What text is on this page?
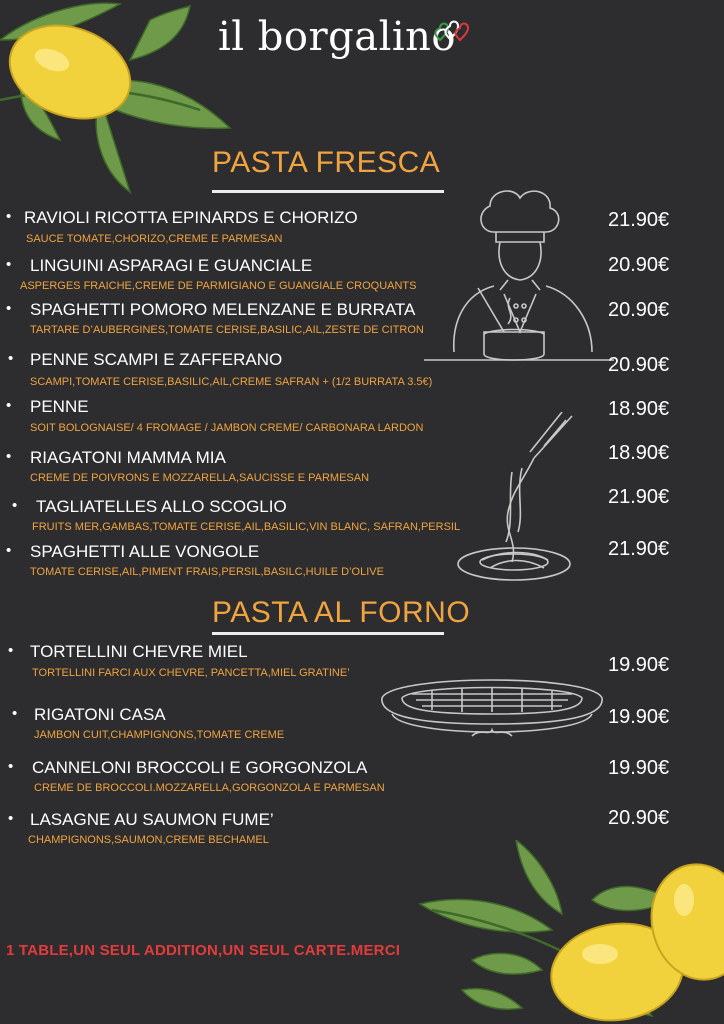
il borgalino
PASTA FRESCA
PASTA AL FORNO
• RAVIOLI RICOTTA EPINARDS E CHORIZO
SAUCE TOMATE,CHORIZO,CREME E PARMESAN
21.90€
• LINGUINI ASPARAGI E GUANCIALE
ASPERGES FRAICHE,CREME DE PARMIGIANO E GUANGIALE CROQUANTS
20.90€
• SPAGHETTI POMORO MELENZANE E BURRATA
TARTARE D’AUBERGINES,TOMATE CERISE,BASILIC,AIL,ZESTE DE CITRON
20.90€
• PENNE SCAMPI E ZAFFERANO
SCAMPI,TOMATE CERISE,BASILIC,AIL,CREME SAFRAN + (1/2 BURRATA 3.5€)
20.90€
• PENNE
SOIT BOLOGNAISE/ 4 FROMAGE / JAMBON CREME/ CARBONARA LARDON
18.90€
• RIAGATONI MAMMA MIA
CREME DE POIVRONS E MOZZARELLA,SAUCISSE E PARMESAN
18.90€
• TAGLIATELLES ALLO SCOGLIO
FRUITS MER,GAMBAS,TOMATE CERISE,AIL,BASILIC,VIN BLANC, SAFRAN,PERSIL
21.90€
• SPAGHETTI ALLE VONGOLE
TOMATE CERISE,AIL,PIMENT FRAIS,PERSIL,BASILC,HUILE D’OLIVE
21.90€
• TORTELLINI CHEVRE MIEL
TORTELLINI FARCI AUX CHEVRE, PANCETTA,MIEL GRATINE’	19.90€
• RIGATONI CASA
JAMBON CUIT,CHAMPIGNONS,TOMATE CREME
19.90€
• CANNELONI BROCCOLI E GORGONZOLA
CREME DE BROCCOLI.MOZZARELLA,GORGONZOLA E PARMESAN
19.90€
• LASAGNE AU SAUMON FUME’
CHAMPIGNONS,SAUMON,CREME BECHAMEL
20.90€
1 TABLE,UN SEUL ADDITION,UN SEUL CARTE.MERCI
